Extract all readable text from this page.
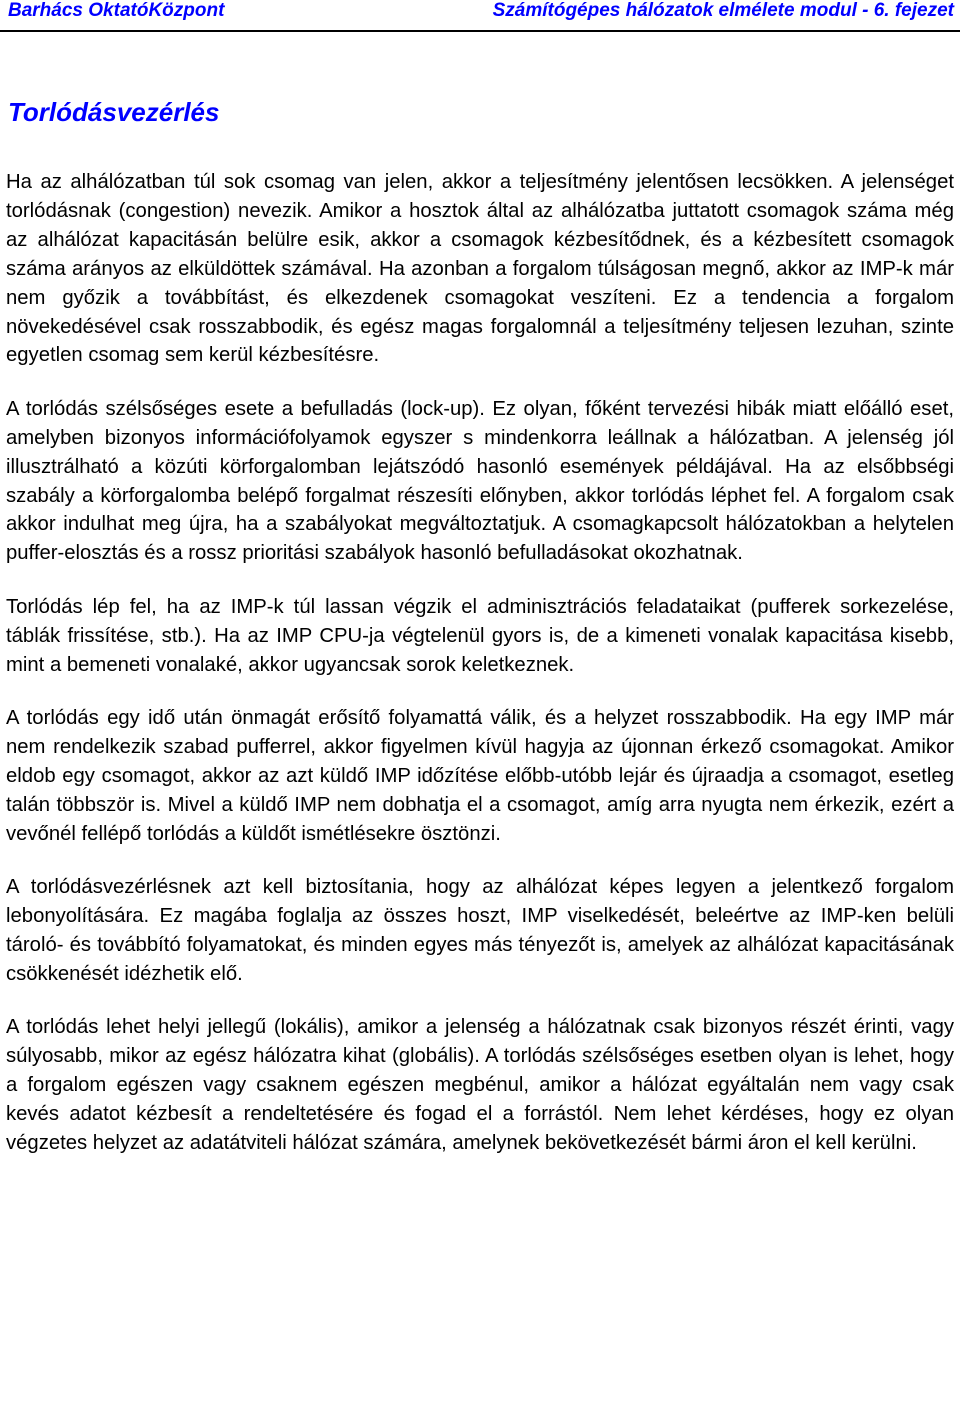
Barhács OktatóKözpont	Számítógépes hálózatok elmélete modul - 6. fejezet
Torlódásvezérlés

Ha az alhálózatban túl sok csomag van jelen, akkor a teljesítmény jelentősen lecsökken. A jelenséget torlódásnak (congestion) nevezik. Amikor a hosztok által az alhálózatba juttatott csomagok száma még az alhálózat kapacitásán belülre esik, akkor a csomagok kézbesítődnek, és a kézbesített csomagok száma arányos az elküldöttek számával. Ha azonban a forgalom túlságosan megnő, akkor az IMP-k már nem győzik a továbbítást, és elkezdenek csomagokat veszíteni. Ez a tendencia a forgalom növekedésével csak rosszabbodik, és egész magas forgalomnál a teljesítmény teljesen lezuhan, szinte egyetlen csomag sem kerül kézbesítésre.

A torlódás szélsőséges esete a befulladás (lock-up). Ez olyan, főként tervezési hibák miatt előálló eset, amelyben bizonyos információfolyamok egyszer s mindenkorra leállnak a hálózatban. A jelenség jól illusztrálható a közúti körforgalomban lejátszódó hasonló események példájával. Ha az elsőbbségi szabály a körforgalomba belépő forgalmat részesíti előnyben, akkor torlódás léphet fel. A forgalom csak akkor indulhat meg újra, ha a szabályokat megváltoztatjuk. A csomagkapcsolt hálózatokban a helytelen puffer-elosztás és a rossz prioritási szabályok hasonló befulladásokat okozhatnak.

Torlódás lép fel, ha az IMP-k túl lassan végzik el adminisztrációs feladataikat (pufferek sorkezelése, táblák frissítése, stb.). Ha az IMP CPU-ja végtelenül gyors is, de a kimeneti vonalak kapacitása kisebb, mint a bemeneti vonalaké, akkor ugyancsak sorok keletkeznek.

A torlódás egy idő után önmagát erősítő folyamattá válik, és a helyzet rosszabbodik. Ha egy IMP már nem rendelkezik szabad pufferrel, akkor figyelmen kívül hagyja az újonnan érkező csomagokat. Amikor eldob egy csomagot, akkor az azt küldő IMP időzítése előbb-utóbb lejár és újraadja a csomagot, esetleg talán többször is. Mivel a küldő IMP nem dobhatja el a csomagot, amíg arra nyugta nem érkezik, ezért a vevőnél fellépő torlódás a küldőt ismétlésekre ösztönzi.

A torlódásvezérlésnek azt kell biztosítania, hogy az alhálózat képes legyen a jelentkező forgalom lebonyolítására. Ez magába foglalja az összes hoszt, IMP viselkedését, beleértve az IMP-ken belüli tároló- és továbbító folyamatokat, és minden egyes más tényezőt is, amelyek az alhálózat kapacitásának csökkenését idézhetik elő.

A torlódás lehet helyi jellegű (lokális), amikor a jelenség a hálózatnak csak bizonyos részét érinti, vagy súlyosabb, mikor az egész hálózatra kihat (globális). A torlódás szélsőséges esetben olyan is lehet, hogy a forgalom egészen vagy csaknem egészen megbénul, amikor a hálózat egyáltalán nem vagy csak kevés adatot kézbesít a rendeltetésére és fogad el a forrástól. Nem lehet kérdéses, hogy ez olyan végzetes helyzet az adatátviteli hálózat számára, amelynek bekövetkezését bármi áron el kell kerülni.
